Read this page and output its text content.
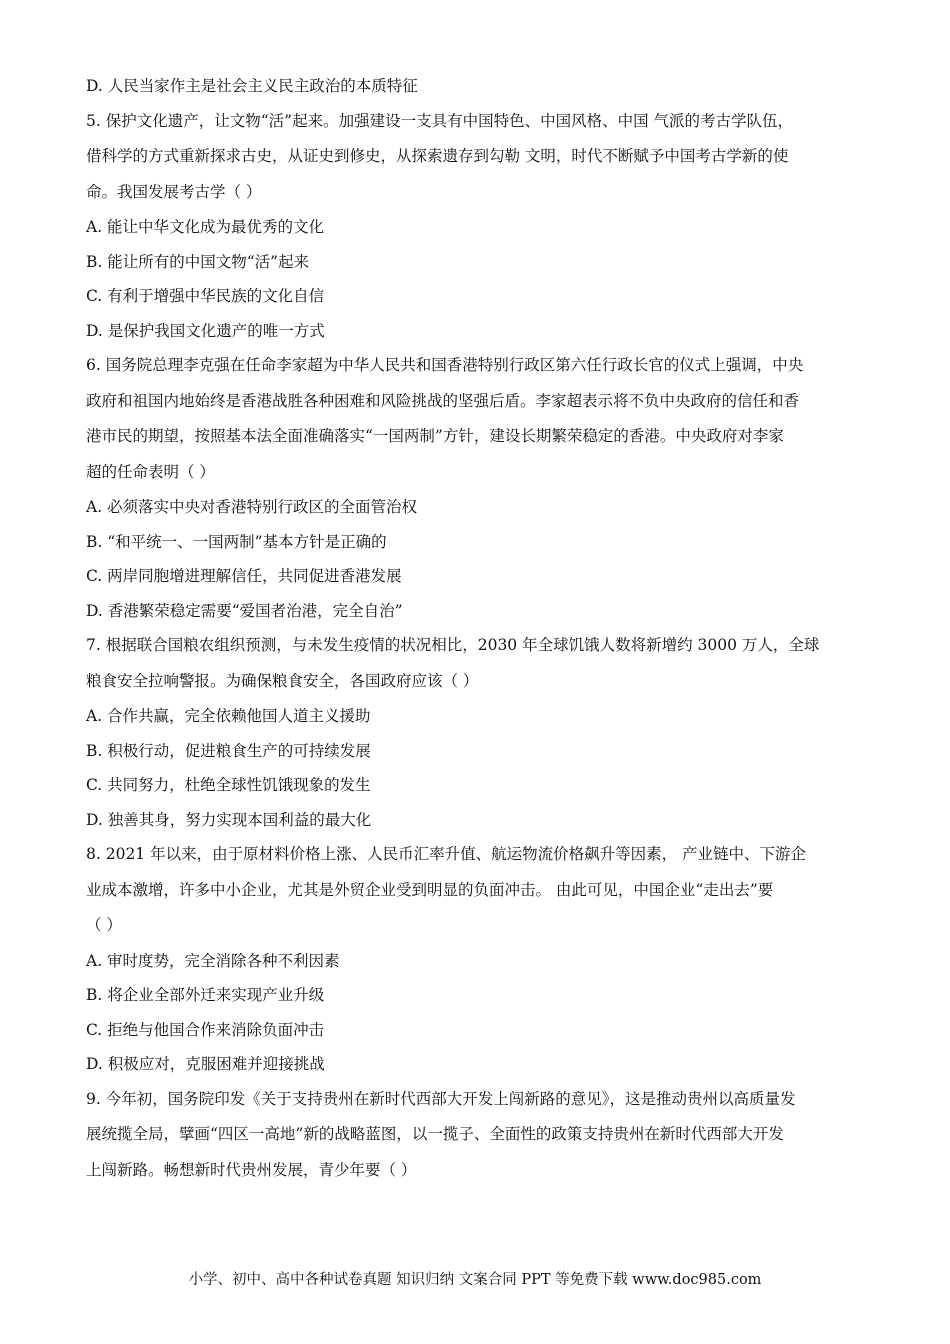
D. 人民当家作主是社会主义民主政治的本质特征
5. 保护文化遗产，让文物“活”起来。加强建设一支具有中国特色、中国风格、中国 气派的考古学队伍，
借科学的方式重新探求古史，从证史到修史，从探索遗存到勾勒 文明，时代不断赋予中国考古学新的使
命。我国发展考古学（ ）
A. 能让中华文化成为最优秀的文化
B. 能让所有的中国文物“活”起来
C. 有利于增强中华民族的文化自信
D. 是保护我国文化遗产的唯一方式
6. 国务院总理李克强在任命李家超为中华人民共和国香港特别行政区第六任行政长官的仪式上强调，中央
政府和祖国内地始终是香港战胜各种困难和风险挑战的坚强后盾。李家超表示将不负中央政府的信任和香
港市民的期望，按照基本法全面准确落实“一国两制”方针，建设长期繁荣稳定的香港。中央政府对李家
超的任命表明（ ）
A. 必须落实中央对香港特别行政区的全面管治权
B. “和平统一、一国两制”基本方针是正确的
C. 两岸同胞增进理解信任，共同促进香港发展
D. 香港繁荣稳定需要“爱国者治港，完全自治”
7. 根据联合国粮农组织预测，与未发生疫情的状况相比，2030 年全球饥饿人数将新增约 3000 万人，全球
粮食安全拉响警报。为确保粮食安全，各国政府应该（ ）
A. 合作共赢，完全依赖他国人道主义援助
B. 积极行动，促进粮食生产的可持续发展
C. 共同努力，杜绝全球性饥饿现象的发生
D. 独善其身，努力实现本国利益的最大化
8. 2021 年以来，由于原材料价格上涨、人民币汇率升值、航运物流价格飙升等因素， 产业链中、下游企
业成本激增，许多中小企业，尤其是外贸企业受到明显的负面冲击。 由此可见，中国企业“走出去”要
（ ）
A. 审时度势，完全消除各种不利因素
B. 将企业全部外迁来实现产业升级
C. 拒绝与他国合作来消除负面冲击
D. 积极应对，克服困难并迎接挑战
9. 今年初，国务院印发《关于支持贵州在新时代西部大开发上闯新路的意见》，这是推动贵州以高质量发
展统揽全局，擘画“四区一高地”新的战略蓝图，以一揽子、全面性的政策支持贵州在新时代西部大开发
上闯新路。畅想新时代贵州发展，青少年要（ ）
小学、初中、高中各种试卷真题 知识归纳 文案合同 PPT 等免费下载 www.doc985.com
